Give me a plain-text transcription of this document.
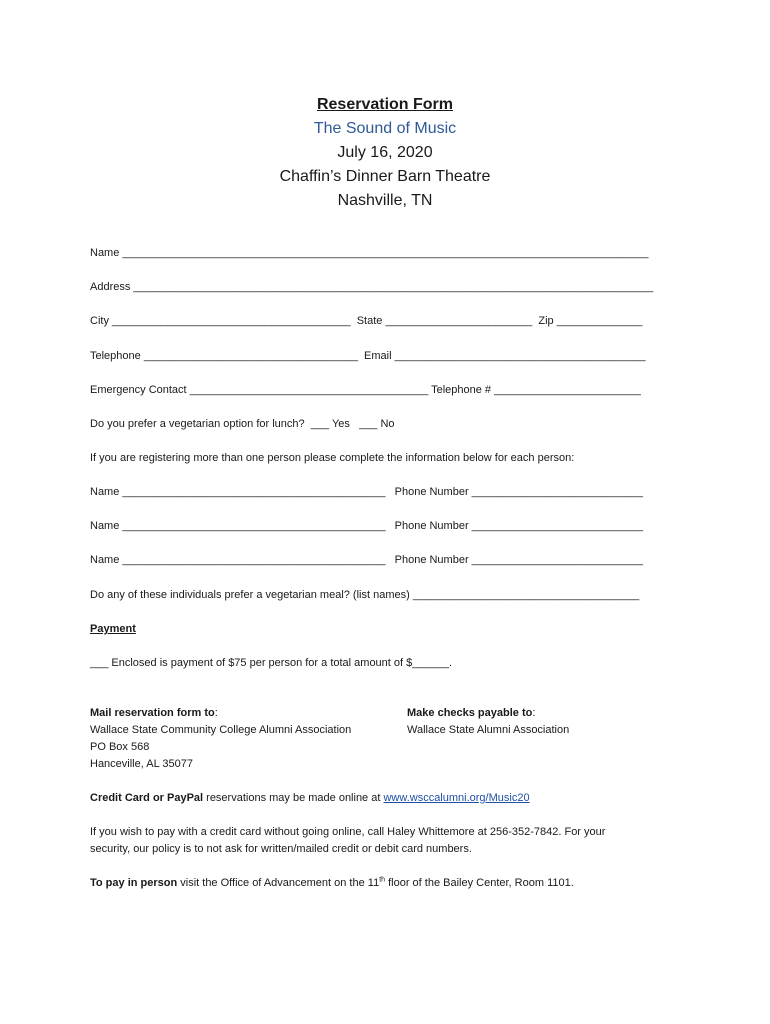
Reservation Form
The Sound of Music
July 16, 2020
Chaffin’s Dinner Barn Theatre
Nashville, TN
Name ______________________________________________________________________________________
Address _____________________________________________________________________________________
City _______________________________________  State ________________________  Zip ______________
Telephone ___________________________________  Email _________________________________________
Emergency Contact _______________________________________ Telephone # ________________________
Do you prefer a vegetarian option for lunch?  ___ Yes   ___ No
If you are registering more than one person please complete the information below for each person:
Name ___________________________________________   Phone Number ____________________________
Name ___________________________________________   Phone Number ____________________________
Name ___________________________________________   Phone Number ____________________________
Do any of these individuals prefer a vegetarian meal? (list names) _____________________________________
Payment
___ Enclosed is payment of $75 per person for a total amount of $______.
Mail reservation form to:
Wallace State Community College Alumni Association
PO Box 568
Hanceville, AL 35077
Make checks payable to:
Wallace State Alumni Association
Credit Card or PayPal reservations may be made online at www.wsccalumni.org/Music20
If you wish to pay with a credit card without going online, call Haley Whittemore at 256-352-7842. For your
security, our policy is to not ask for written/mailed credit or debit card numbers.
To pay in person visit the Office of Advancement on the 11th floor of the Bailey Center, Room 1101.
